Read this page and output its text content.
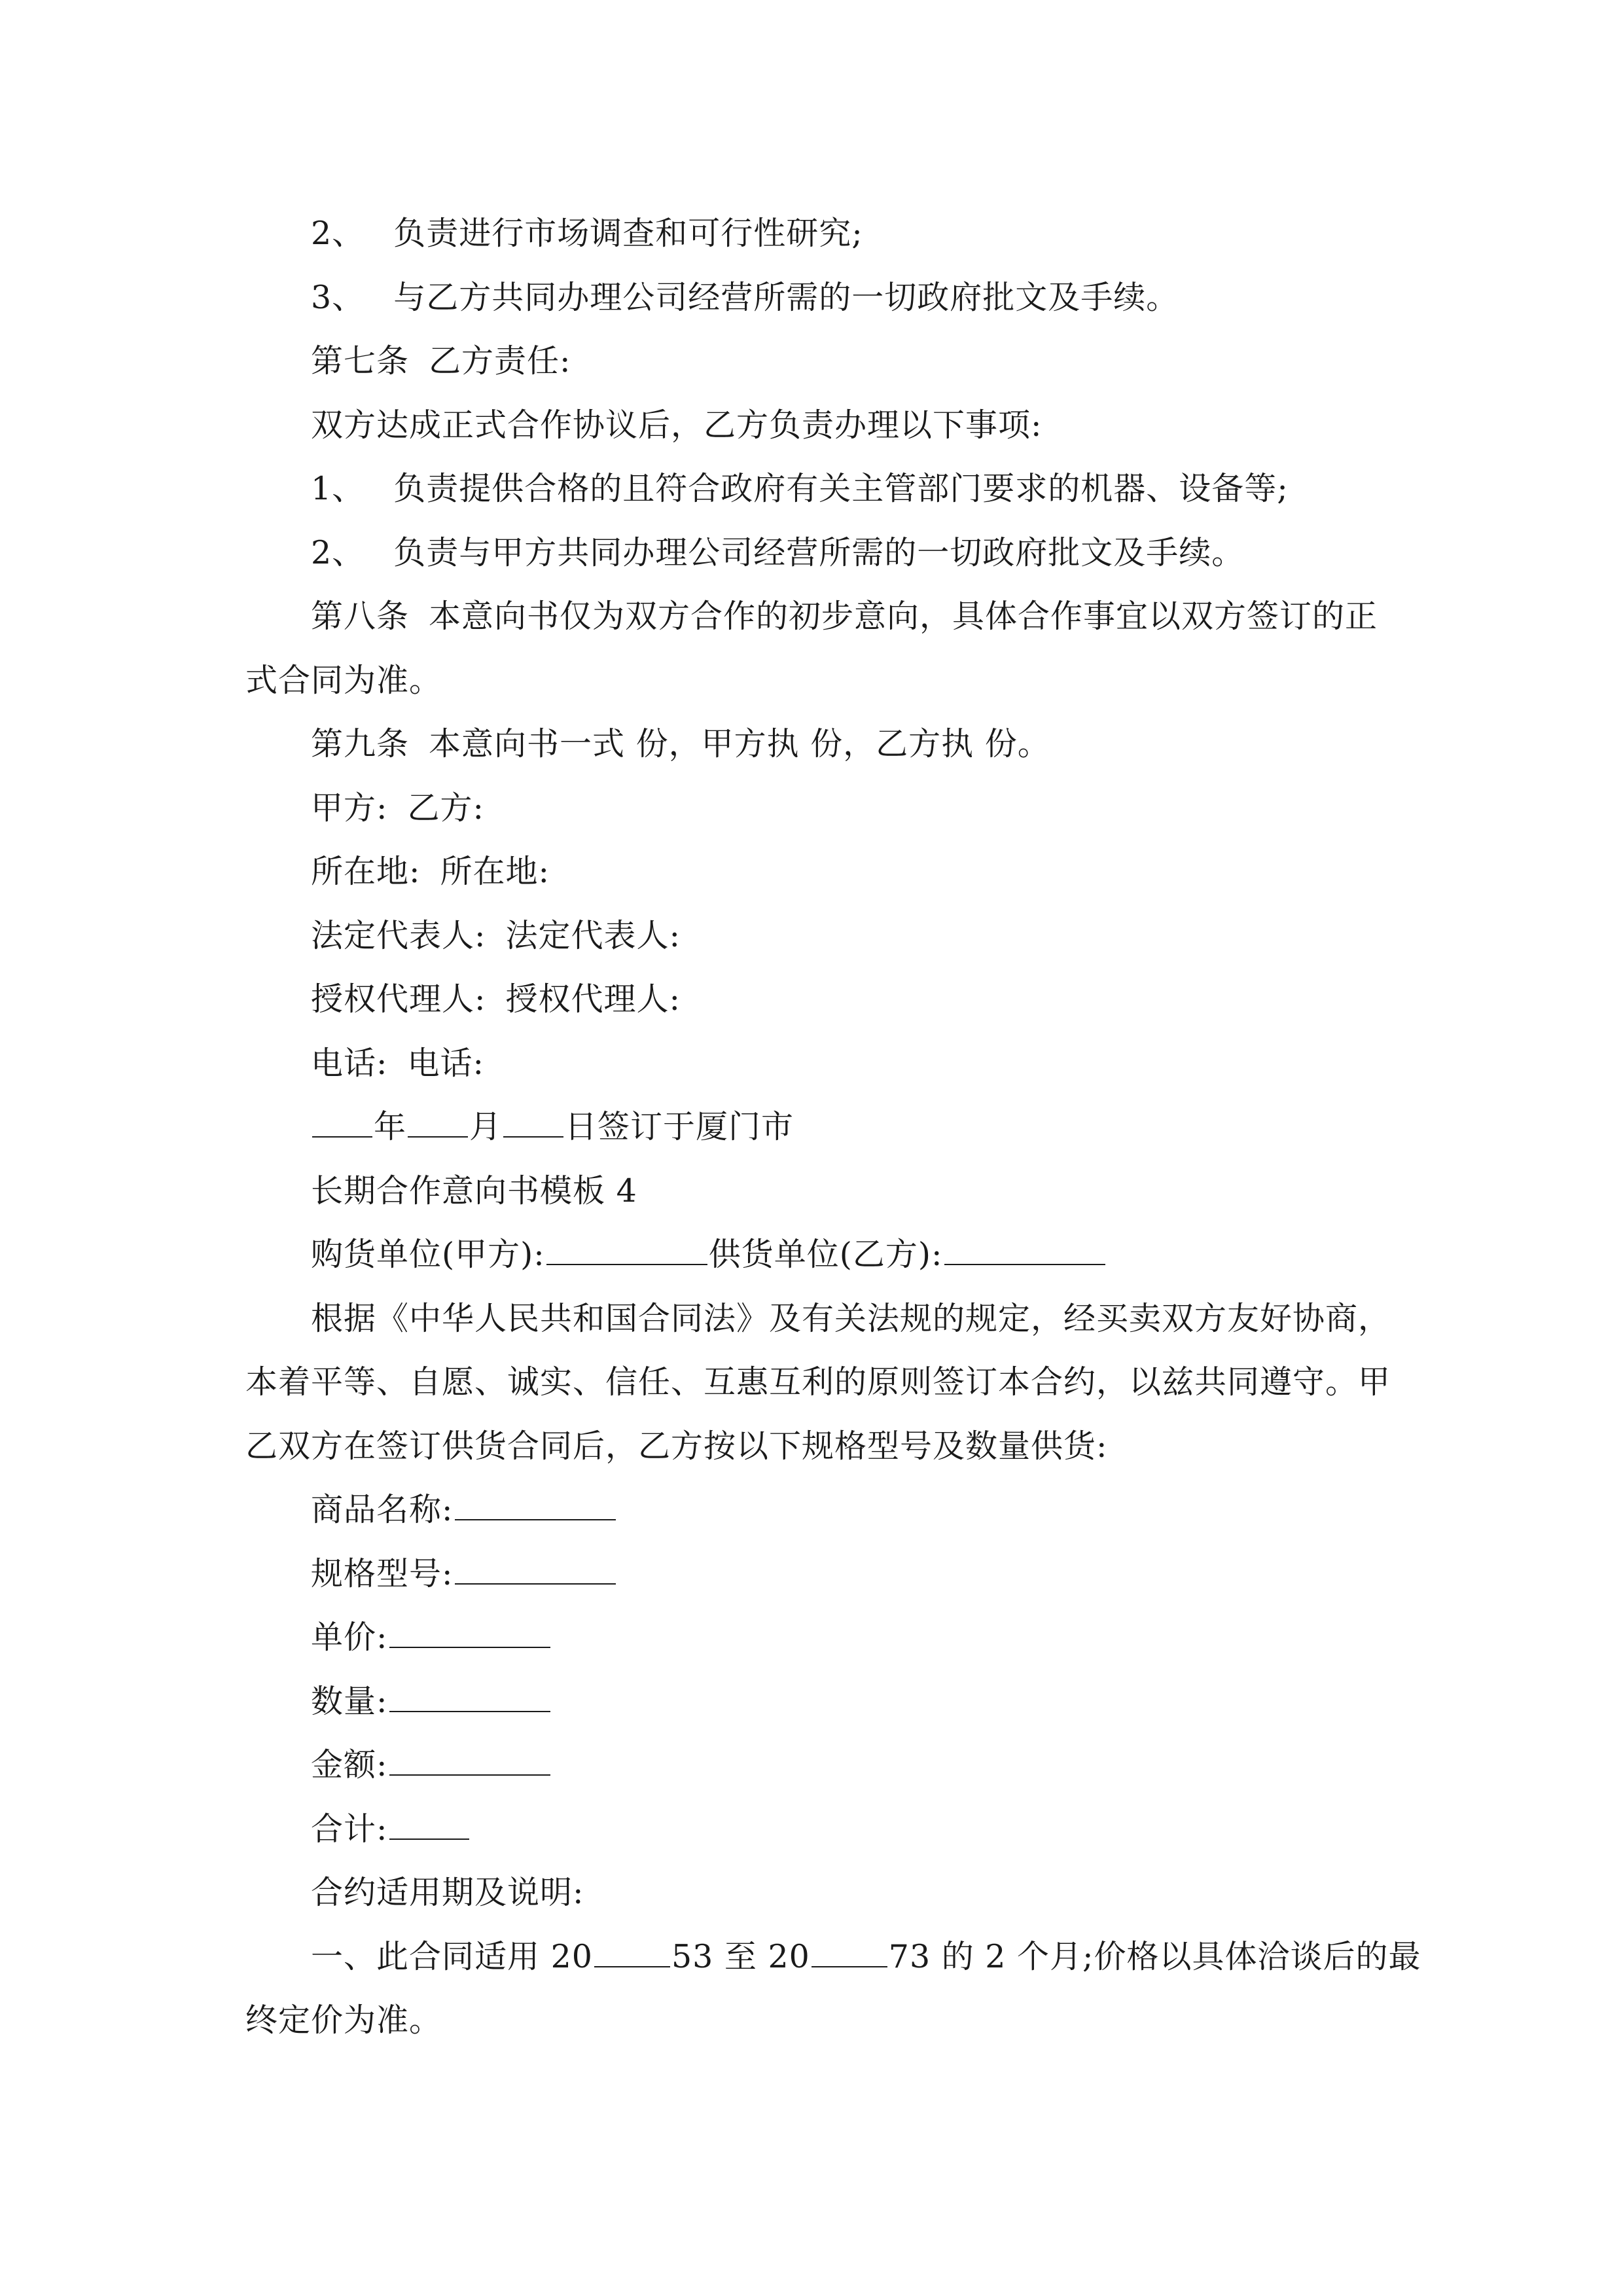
2、 负责进行市场调查和可行性研究;
3、 与乙方共同办理公司经营所需的一切政府批文及手续。
第七条 乙方责任:
双方达成正式合作协议后，乙方负责办理以下事项:
1、 负责提供合格的且符合政府有关主管部门要求的机器、设备等;
2、 负责与甲方共同办理公司经营所需的一切政府批文及手续。
第八条 本意向书仅为双方合作的初步意向，具体合作事宜以双方签订的正
式合同为准。
第九条 本意向书一式 份，甲方执 份，乙方执 份。
甲方: 乙方:
所在地: 所在地:
法定代表人: 法定代表人:
授权代理人: 授权代理人:
电话: 电话:
年 月 日签订于厦门市
长期合作意向书模板 4
购货单位(甲方):	供货单位(乙方):
根据《中华人民共和国合同法》及有关法规的规定，经买卖双方友好协商，
本着平等、自愿、诚实、信任、互惠互利的原则签订本合约，以兹共同遵守。甲
乙双方在签订供货合同后，乙方按以下规格型号及数量供货:
商品名称:
规格型号:
单价:
数量:
金额:
合计:
合约适用期及说明:
一、此合同适用 20 53 至 20 73 的 2 个月;价格以具体洽谈后的最
终定价为准。
